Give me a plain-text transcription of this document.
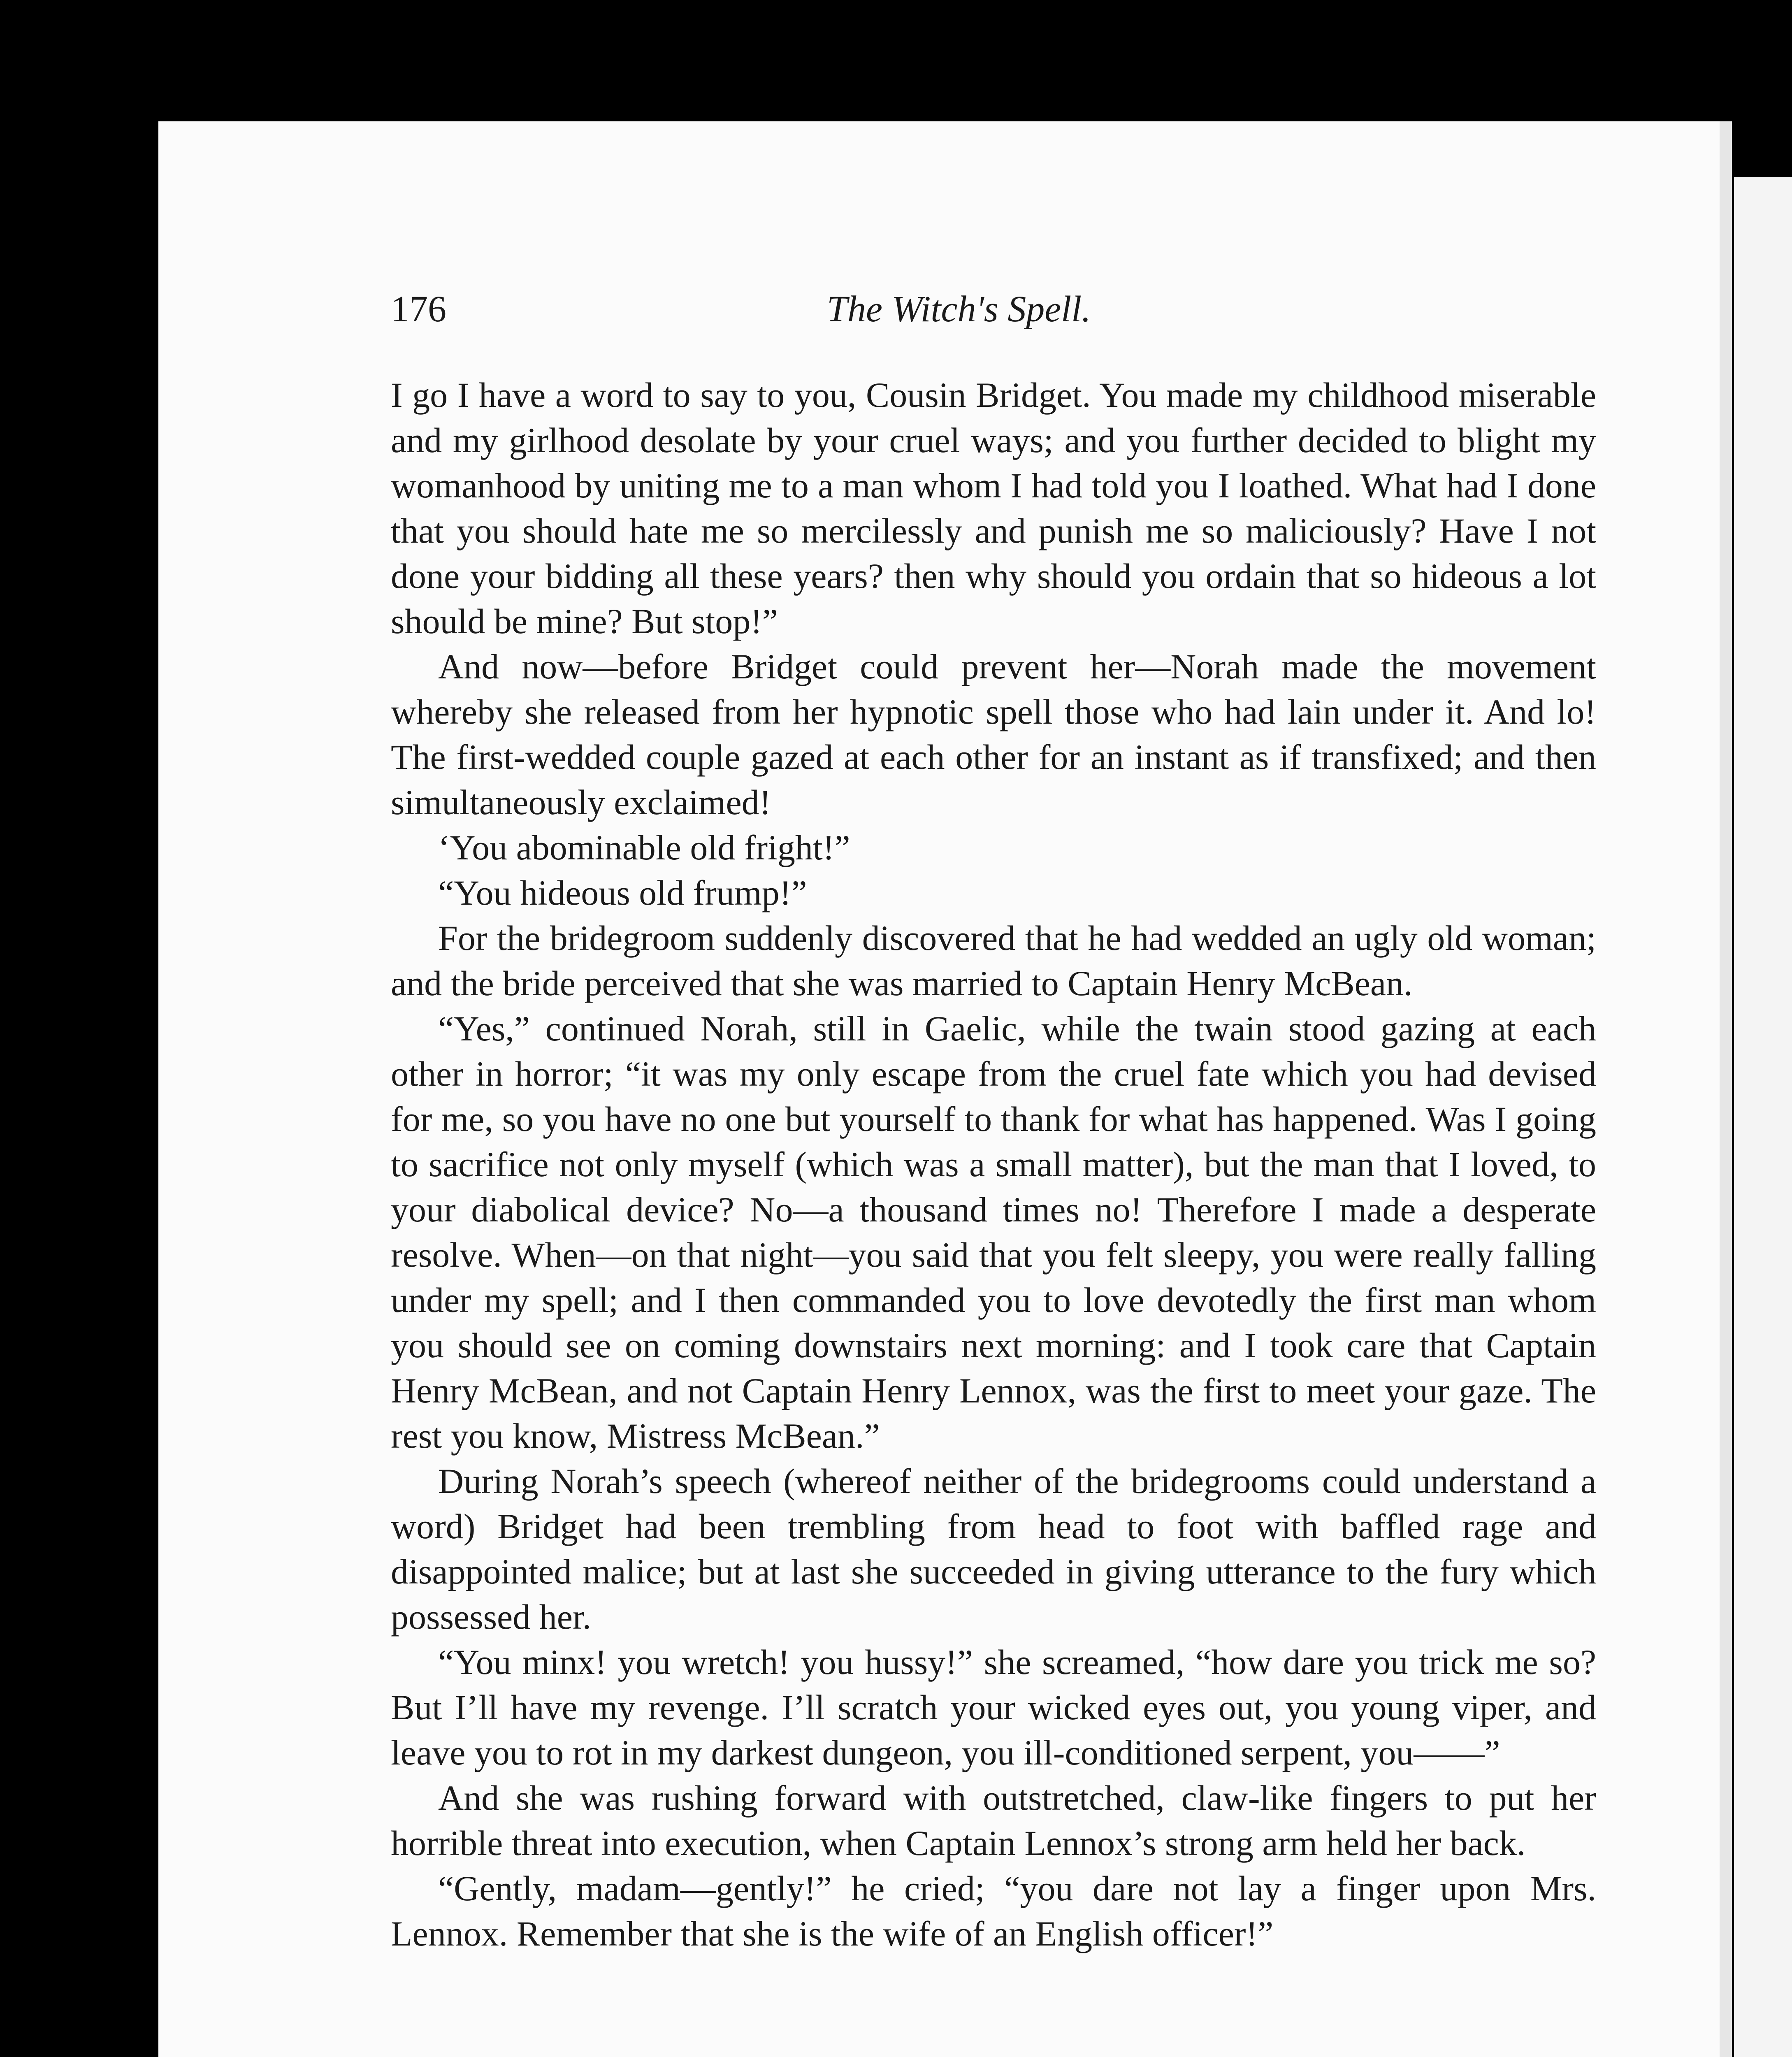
176	The Witch's Spell.

I go I have a word to say to you, Cousin Bridget. You made my childhood miserable and my girlhood desolate by your cruel ways; and you further decided to blight my womanhood by uniting me to a man whom I had told you I loathed. What had I done that you should hate me so mercilessly and punish me so maliciously? Have I not done your bidding all these years? then why should you ordain that so hideous a lot should be mine? But stop!”

And now—before Bridget could prevent her—Norah made the movement whereby she released from her hypnotic spell those who had lain under it. And lo! The first-wedded couple gazed at each other for an instant as if transfixed; and then simultaneously exclaimed!

‘You abominable old fright!”

“You hideous old frump!”

For the bridegroom suddenly discovered that he had wedded an ugly old woman; and the bride perceived that she was married to Captain Henry McBean.

“Yes,” continued Norah, still in Gaelic, while the twain stood gazing at each other in horror; “it was my only escape from the cruel fate which you had devised for me, so you have no one but yourself to thank for what has happened. Was I going to sacrifice not only myself (which was a small matter), but the man that I loved, to your diabolical device? No—a thousand times no! Therefore I made a desperate resolve. When—on that night—you said that you felt sleepy, you were really falling under my spell; and I then commanded you to love devotedly the first man whom you should see on coming downstairs next morning: and I took care that Captain Henry McBean, and not Captain Henry Lennox, was the first to meet your gaze. The rest you know, Mistress McBean.”

During Norah’s speech (whereof neither of the bridegrooms could understand a word) Bridget had been trembling from head to foot with baffled rage and disappointed malice; but at last she succeeded in giving utterance to the fury which possessed her.

“You minx! you wretch! you hussy!” she screamed, “how dare you trick me so? But I’ll have my revenge. I’ll scratch your wicked eyes out, you young viper, and leave you to rot in my darkest dungeon, you ill-conditioned serpent, you——”

And she was rushing forward with outstretched, claw-like fingers to put her horrible threat into execution, when Captain Lennox’s strong arm held her back.

“Gently, madam—gently!” he cried; “you dare not lay a finger upon Mrs. Lennox. Remember that she is the wife of an English officer!”
